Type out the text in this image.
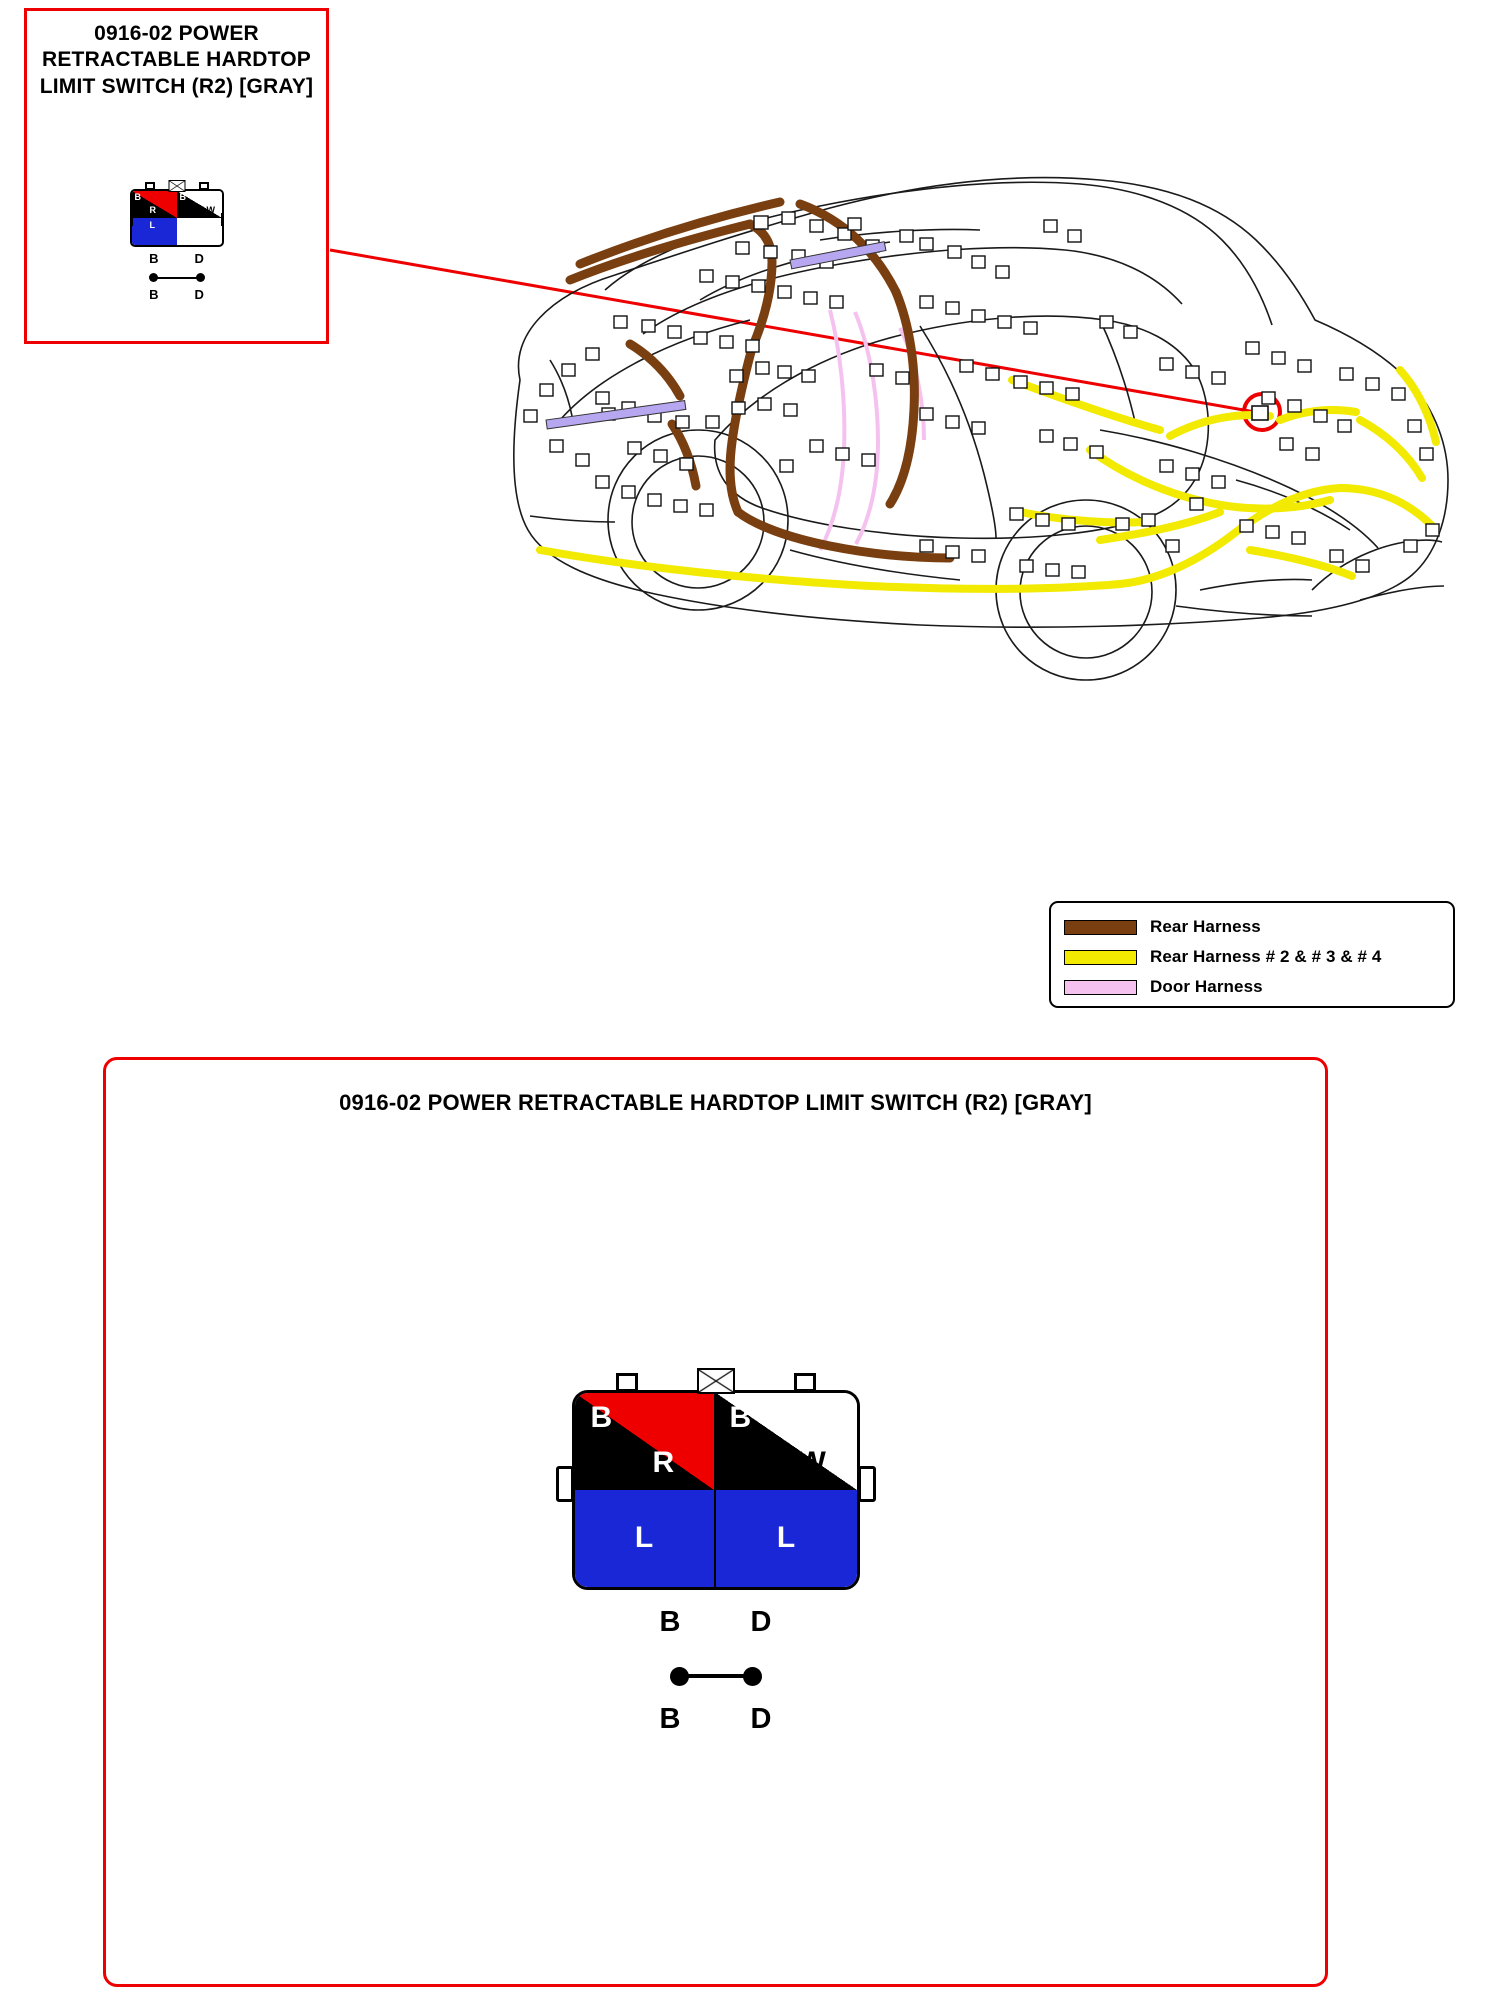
0916-02 POWER RETRACTABLE HARDTOP LIMIT SWITCH (R2) [GRAY]
B
R
B
W
L
B	D
B	D
Rear Harness
Rear Harness # 2 & # 3 & # 4
Door Harness
0916-02 POWER RETRACTABLE HARDTOP LIMIT SWITCH (R2) [GRAY]
B
R
B
W
L	L
B D
B D
